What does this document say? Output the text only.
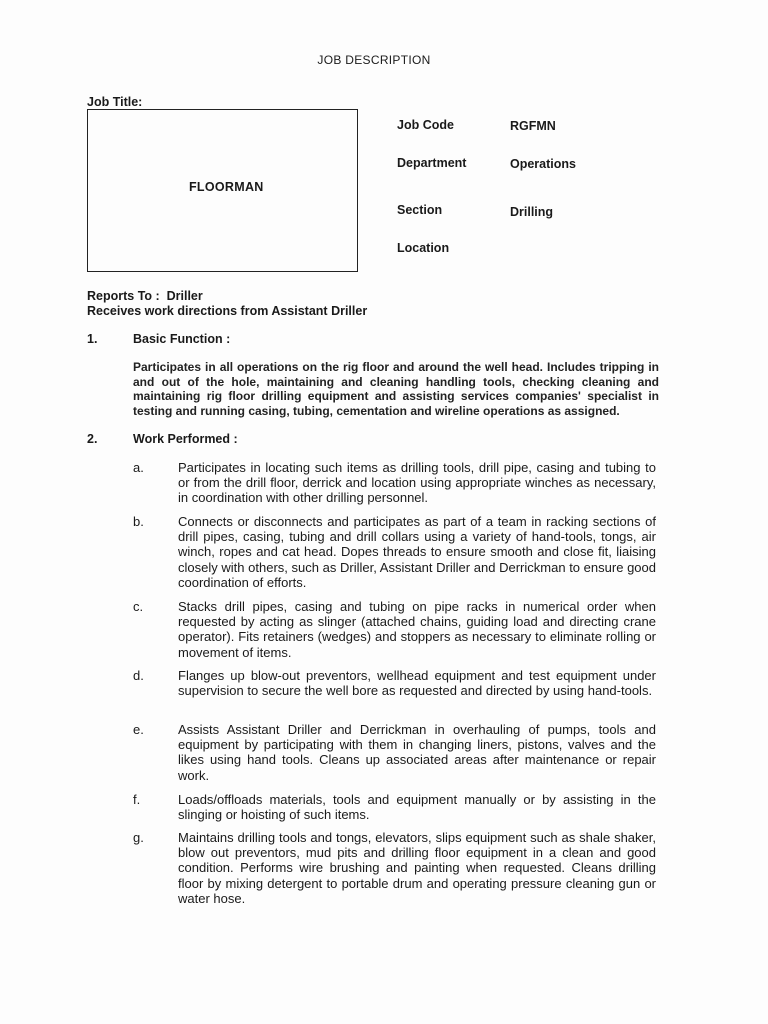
JOB DESCRIPTION
Job Title:
FLOORMAN
Job Code	RGFMN
Department	Operations
Section	Drilling
Location
Reports To :  Driller
Receives work directions from Assistant Driller
1.	Basic Function :
Participates in all operations on the rig floor and around the well head. Includes tripping in and out of the hole, maintaining and cleaning handling tools, checking cleaning and maintaining rig floor drilling equipment and assisting services companies' specialist in testing and running casing, tubing, cementation and wireline operations as assigned.
2.	Work Performed :
a.	Participates in locating such items as drilling tools, drill pipe, casing and tubing to or from the drill floor, derrick and location using appropriate winches as necessary, in coordination with other drilling personnel.
b.	Connects or disconnects and participates as part of a team in racking sections of drill pipes, casing, tubing and drill collars using a variety of hand-tools, tongs, air winch, ropes and cat head. Dopes threads to ensure smooth and close fit, liaising closely with others, such as Driller, Assistant Driller and Derrickman to ensure good coordination of efforts.
c.	Stacks drill pipes, casing and tubing on pipe racks in numerical order when requested by acting as slinger (attached chains, guiding load and directing crane operator). Fits retainers (wedges) and stoppers as necessary to eliminate rolling or movement of items.
d.	Flanges up blow-out preventors, wellhead equipment and test equipment under supervision to secure the well bore as requested and directed by using hand-tools.
e.	Assists Assistant Driller and Derrickman in overhauling of pumps, tools and equipment by participating with them in changing liners, pistons, valves and the likes using hand tools. Cleans up associated areas after maintenance or repair work.
f.	Loads/offloads materials, tools and equipment manually or by assisting in the slinging or hoisting of such items.
g.	Maintains drilling tools and tongs, elevators, slips equipment such as shale shaker, blow out preventors, mud pits and drilling floor equipment in a clean and good condition. Performs wire brushing and painting when requested. Cleans drilling floor by mixing detergent to portable drum and operating pressure cleaning gun or water hose.
